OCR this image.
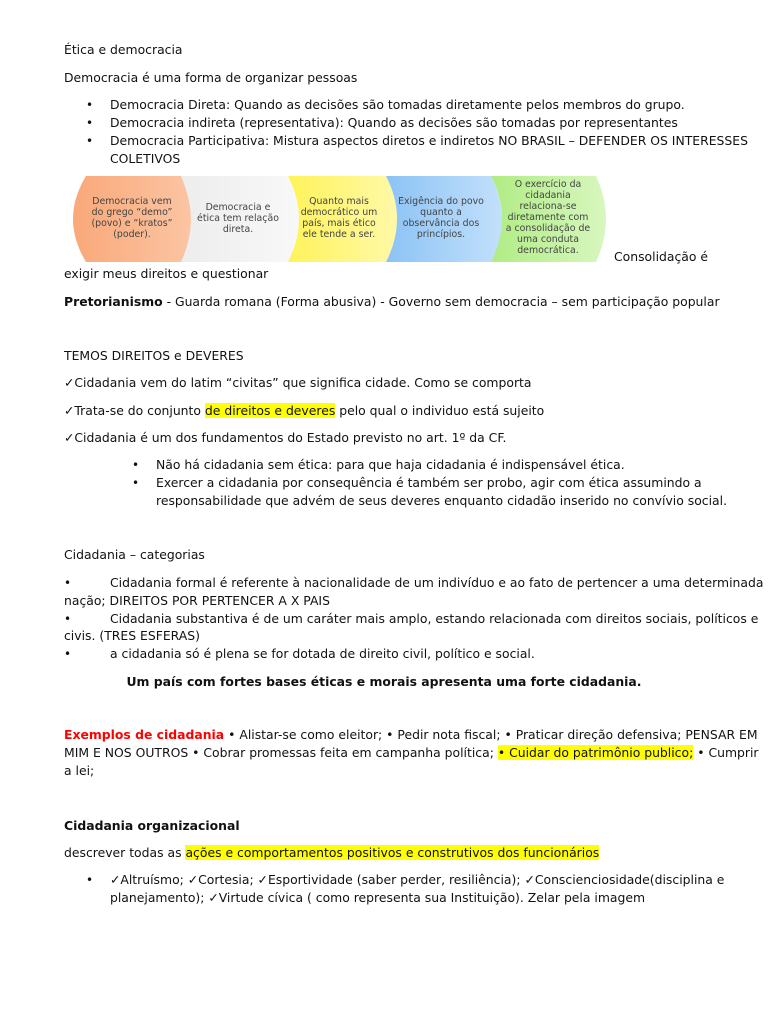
Ética e democracia
Democracia é uma forma de organizar pessoas
• Democracia Direta: Quando as decisões são tomadas diretamente pelos membros do grupo.
• Democracia indireta (representativa): Quando as decisões são tomadas por representantes
• Democracia Participativa: Mistura aspectos diretos e indiretos NO BRASIL – DEFENDER OS INTERESSES
COLETIVOS
Democracia vem
do grego “demo”
(povo) e “kratos”
(poder).
Democracia e
ética tem relação
direta.
Quanto mais
democrático um
país, mais ético
ele tende a ser.
Exigência do povo
quanto a
observância dos
princípios.
O exercício da
cidadania
relaciona-se
diretamente com
a consolidação de
uma conduta
democrática.	Consolidação é
exigir meus direitos e questionar
Pretorianismo - Guarda romana (Forma abusiva) - Governo sem democracia – sem participação popular
TEMOS DIREITOS e DEVERES
✓Cidadania vem do latim “civitas” que significa cidade. Como se comporta
✓Trata-se do conjunto de direitos e deveres pelo qual o individuo está sujeito
✓Cidadania é um dos fundamentos do Estado previsto no art. 1º da CF.
• Não há cidadania sem ética: para que haja cidadania é indispensável ética.
• Exercer a cidadania por consequência é também ser probo, agir com ética assumindo a
responsabilidade que advém de seus deveres enquanto cidadão inserido no convívio social.
Cidadania – categorias
•	Cidadania formal é referente à nacionalidade de um indivíduo e ao fato de pertencer a uma determinada
nação; DIREITOS POR PERTENCER A X PAIS
•	Cidadania substantiva é de um caráter mais amplo, estando relacionada com direitos sociais, políticos e
civis. (TRES ESFERAS)
•	a cidadania só é plena se for dotada de direito civil, político e social.
Um país com fortes bases éticas e morais apresenta uma forte cidadania.
Exemplos de cidadania • Alistar-se como eleitor; • Pedir nota fiscal; • Praticar direção defensiva; PENSAR EM
MIM E NOS OUTROS • Cobrar promessas feita em campanha política; • Cuidar do patrimônio publico; • Cumprir
a lei;
Cidadania organizacional
descrever todas as ações e comportamentos positivos e construtivos dos funcionários
• ✓Altruísmo; ✓Cortesia; ✓Esportividade (saber perder, resiliência); ✓Conscienciosidade(disciplina e
planejamento); ✓Virtude cívica ( como representa sua Instituição). Zelar pela imagem
